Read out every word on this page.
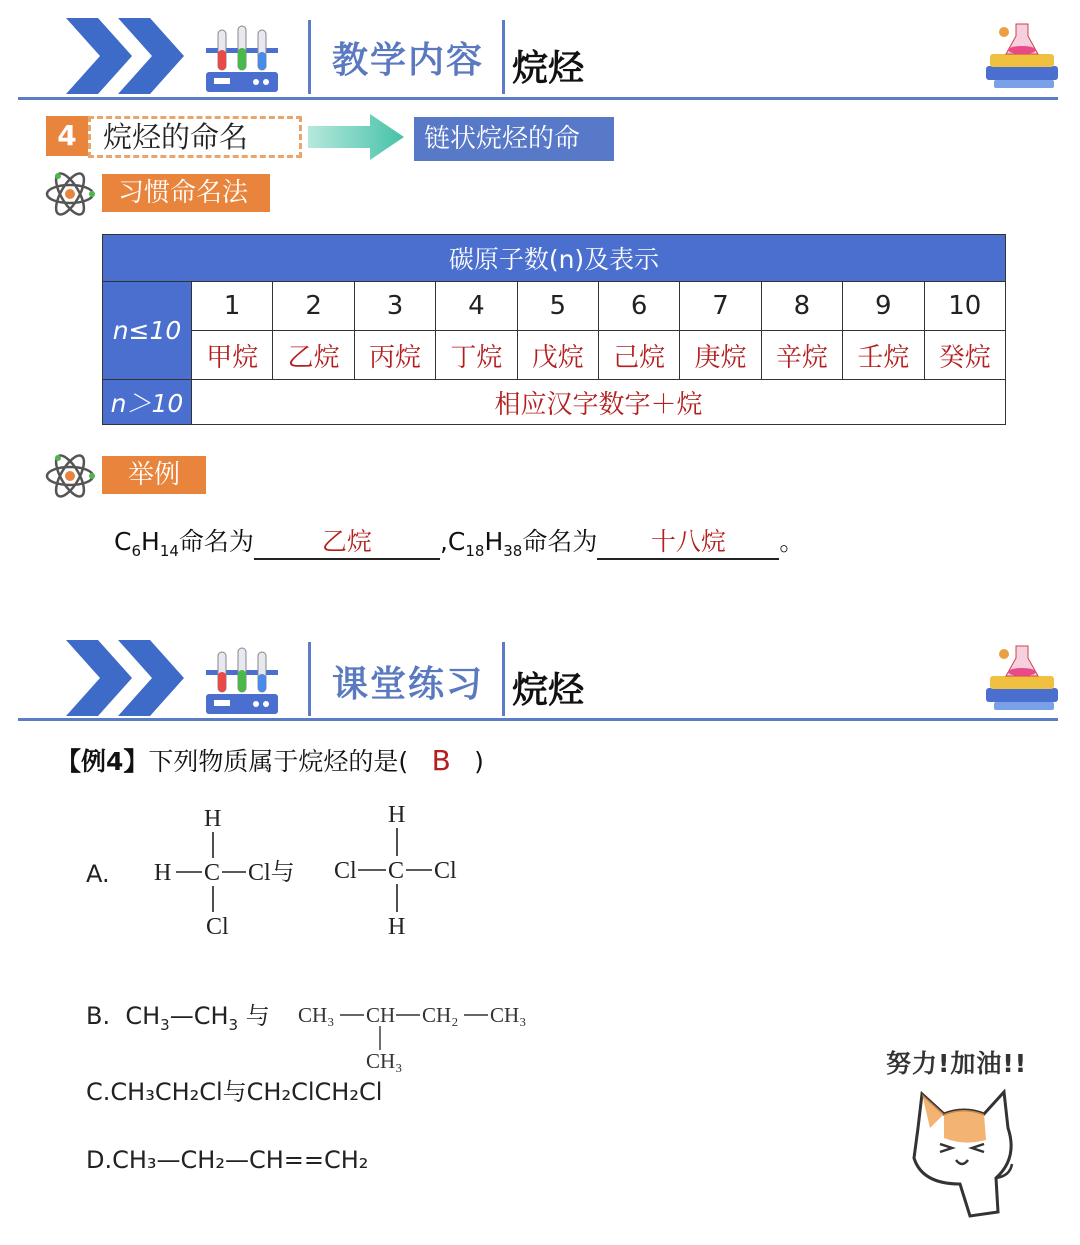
教学内容 烷烃
4 烷烃的命名	链状烷烃的命名
习惯命名法
碳原子数(n)及表示										
n≤10	1	2	3	4	5	6	7	8	9	10
	甲烷	乙烷	丙烷	丁烷	戊烷	己烷	庚烷	辛烷	壬烷	癸烷
n＞10	相应汉字数字＋烷									
举例
$C_6H_{14}$命名为	乙烷	$,C_{18}H_{38}$命名为 十八烷 。
课堂练习 烷烃
【例4】下列物质属于烷烃的是( B )
A.
H
H C Cl与
Cl
H
Cl C Cl
H
B.  $CH_3—CH_3$ 与 CH₃ CH CH₂ CH₃
CH₃
C.CH₃CH₂Cl与CH₂ClCH₂Cl
D.CH₃—CH₂—CH==CH₂
努力!加油!!
